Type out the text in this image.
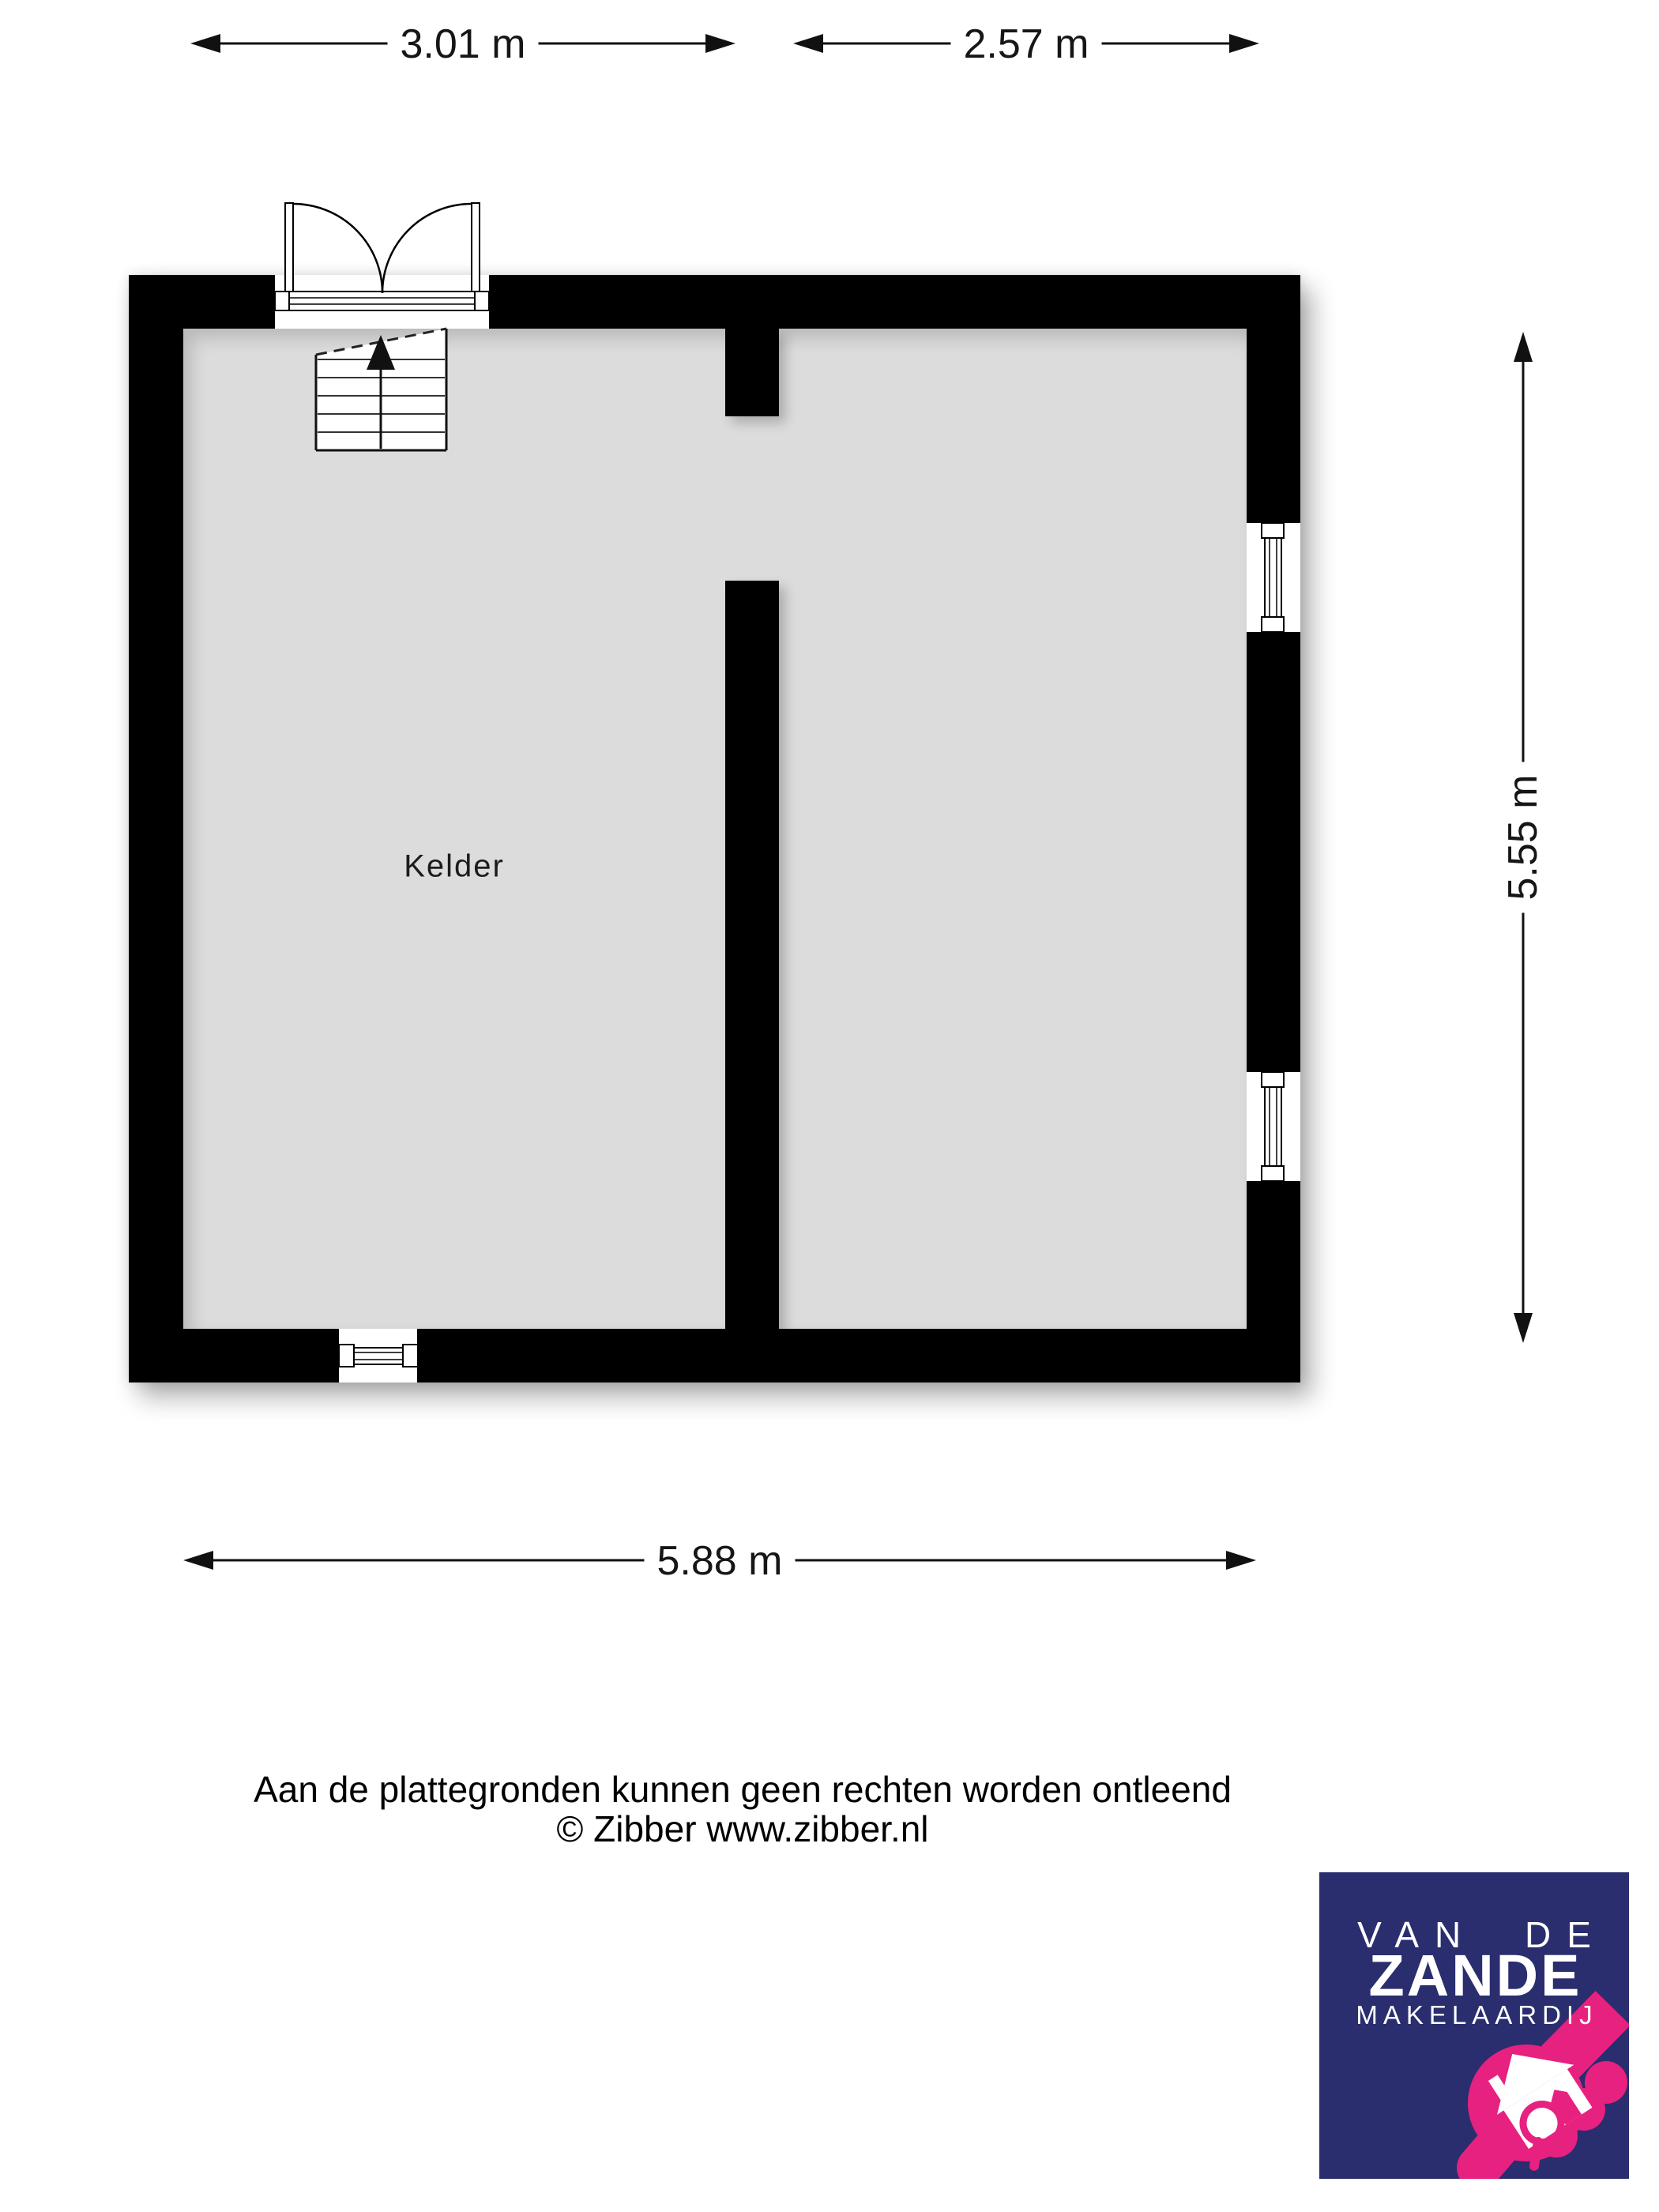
3.01 m	2.57 m
5.55 m
5.88 m
Kelder
Aan de plattegronden kunnen geen rechten worden ontleend
© Zibber www.zibber.nl
VAN DE
ZANDE
MAKELAARDIJ
